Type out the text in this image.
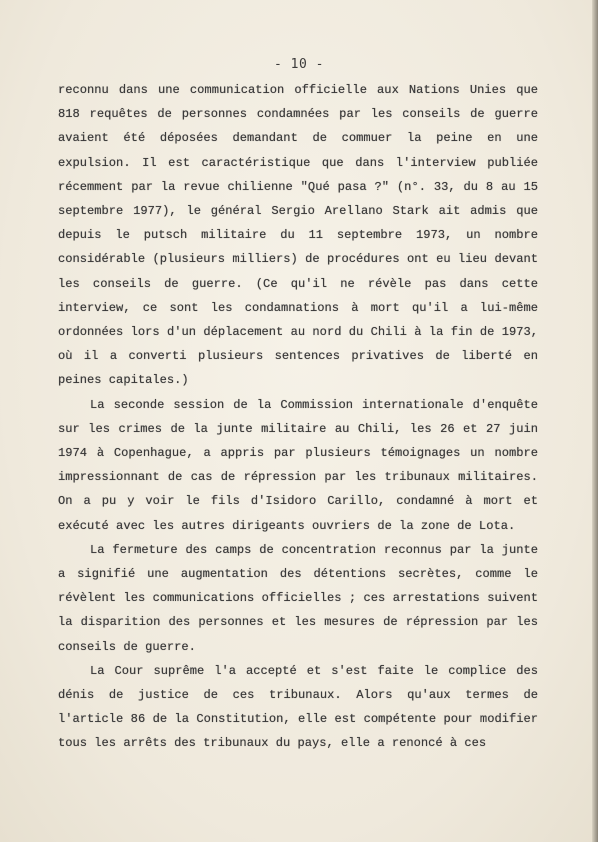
- 10 -

reconnu dans une communication officielle aux Nations Unies que 818 requêtes de personnes condamnées par les conseils de guerre avaient été déposées demandant de commuer la peine en une expulsion. Il est caractéristique que dans l'interview publiée récemment par la revue chilienne "Qué pasa ?" (n°. 33, du 8 au 15 septembre 1977), le général Sergio Arellano Stark ait admis que depuis le putsch militaire du 11 septembre 1973, un nombre considérable (plusieurs milliers) de procédures ont eu lieu devant les conseils de guerre. (Ce qu'il ne révèle pas dans cette interview, ce sont les condamnations à mort qu'il a lui-même ordonnées lors d'un déplacement au nord du Chili à la fin de 1973, où il a converti plusieurs sentences privatives de liberté en peines capitales.)

La seconde session de la Commission internationale d'enquête sur les crimes de la junte militaire au Chili, les 26 et 27 juin 1974 à Copenhague, a appris par plusieurs témoignages un nombre impressionnant de cas de répression par les tribunaux militaires. On a pu y voir le fils d'Isidoro Carillo, condamné à mort et exécuté avec les autres dirigeants ouvriers de la zone de Lota.

La fermeture des camps de concentration reconnus par la junte a signifié une augmentation des détentions secrètes, comme le révèlent les communications officielles ; ces arrestations suivent la disparition des personnes et les mesures de répression par les conseils de guerre.

La Cour suprême l'a accepté et s'est faite le complice des dénis de justice de ces tribunaux. Alors qu'aux termes de l'article 86 de la Constitution, elle est compétente pour modifier tous les arrêts des tribunaux du pays, elle a renoncé à ces
